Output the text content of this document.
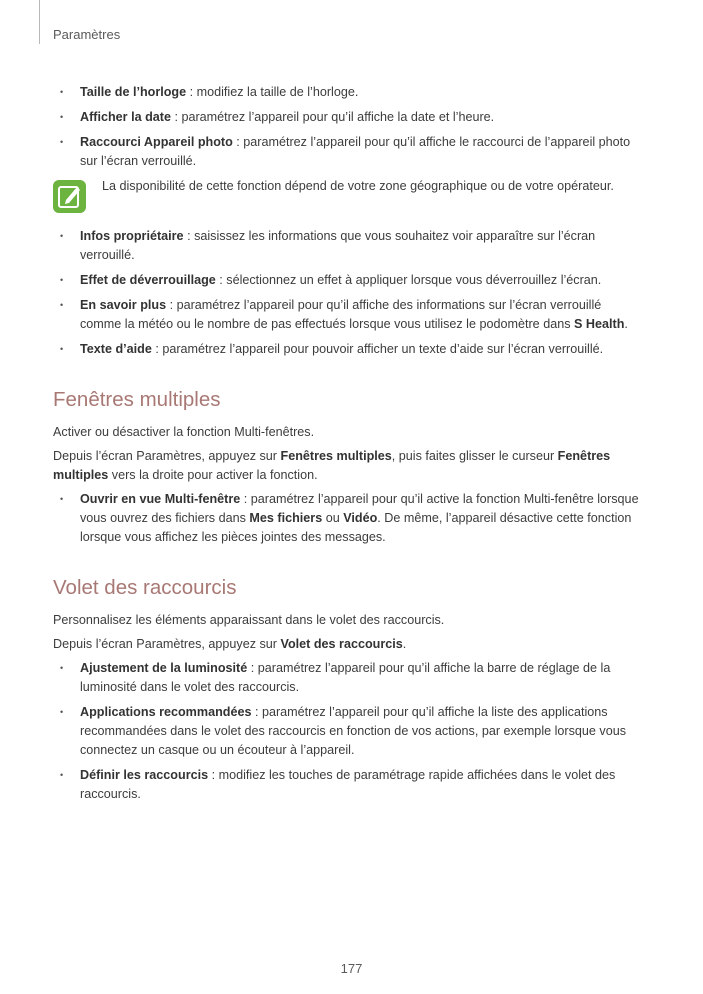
Paramètres
• Taille de l’horloge : modifiez la taille de l’horloge.
• Afficher la date : paramétrez l’appareil pour qu’il affiche la date et l’heure.
• Raccourci Appareil photo : paramétrez l’appareil pour qu’il affiche le raccourci de l’appareil photo sur l’écran verrouillé.
La disponibilité de cette fonction dépend de votre zone géographique ou de votre opérateur.
• Infos propriétaire : saisissez les informations que vous souhaitez voir apparaître sur l’écran verrouillé.
• Effet de déverrouillage : sélectionnez un effet à appliquer lorsque vous déverrouillez l’écran.
• En savoir plus : paramétrez l’appareil pour qu’il affiche des informations sur l’écran verrouillé comme la météo ou le nombre de pas effectués lorsque vous utilisez le podomètre dans S Health.
• Texte d’aide : paramétrez l’appareil pour pouvoir afficher un texte d’aide sur l’écran verrouillé.
Fenêtres multiples

Activer ou désactiver la fonction Multi-fenêtres.

Depuis l’écran Paramètres, appuyez sur Fenêtres multiples, puis faites glisser le curseur Fenêtres multiples vers la droite pour activer la fonction.

• Ouvrir en vue Multi-fenêtre : paramétrez l’appareil pour qu’il active la fonction Multi-fenêtre lorsque vous ouvrez des fichiers dans Mes fichiers ou Vidéo. De même, l’appareil désactive cette fonction lorsque vous affichez les pièces jointes des messages.
Volet des raccourcis

Personnalisez les éléments apparaissant dans le volet des raccourcis.

Depuis l’écran Paramètres, appuyez sur Volet des raccourcis.

• Ajustement de la luminosité : paramétrez l’appareil pour qu’il affiche la barre de réglage de la luminosité dans le volet des raccourcis.
• Applications recommandées : paramétrez l’appareil pour qu’il affiche la liste des applications recommandées dans le volet des raccourcis en fonction de vos actions, par exemple lorsque vous connectez un casque ou un écouteur à l’appareil.
• Définir les raccourcis : modifiez les touches de paramétrage rapide affichées dans le volet des raccourcis.
177
